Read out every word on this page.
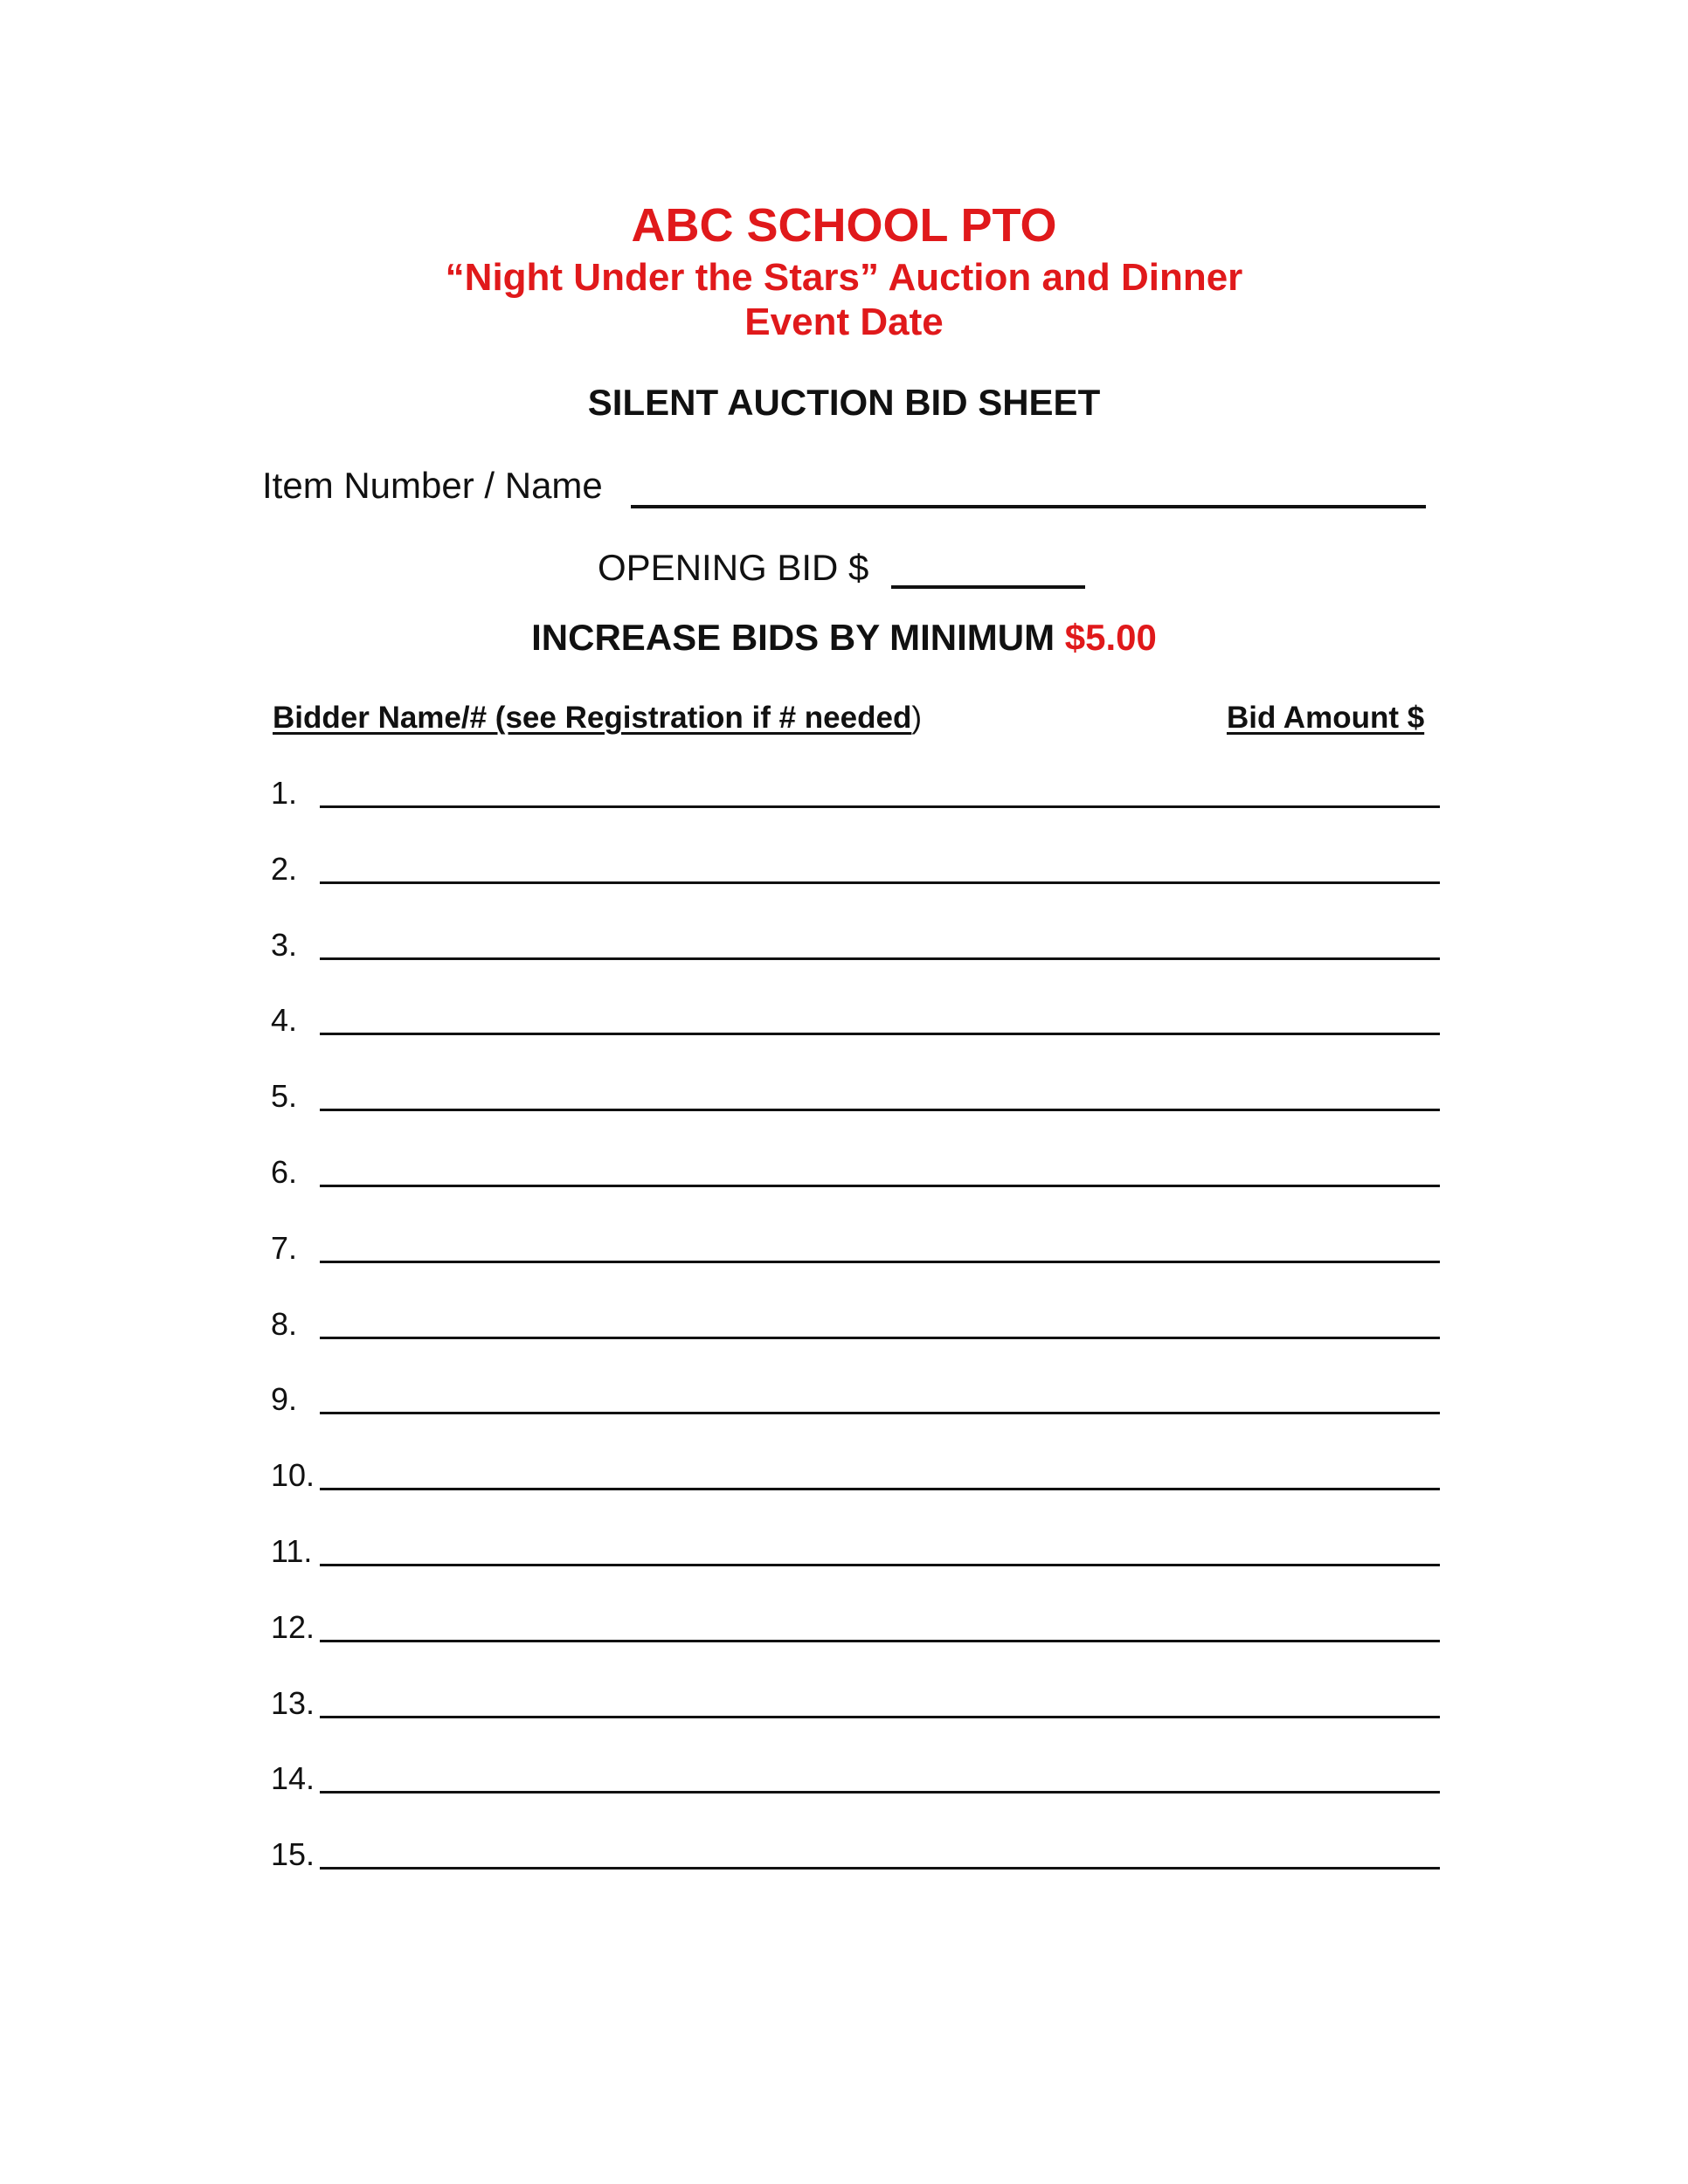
ABC SCHOOL PTO
“Night Under the Stars” Auction and Dinner
Event Date
SILENT AUCTION BID SHEET
Item Number / Name
OPENING BID $
INCREASE BIDS BY MINIMUM $5.00
Bidder Name/# (see Registration if # needed)	Bid Amount $
1.
2.
3.
4.
5.
6.
7.
8.
9.
10.
11.
12.
13.
14.
15.
